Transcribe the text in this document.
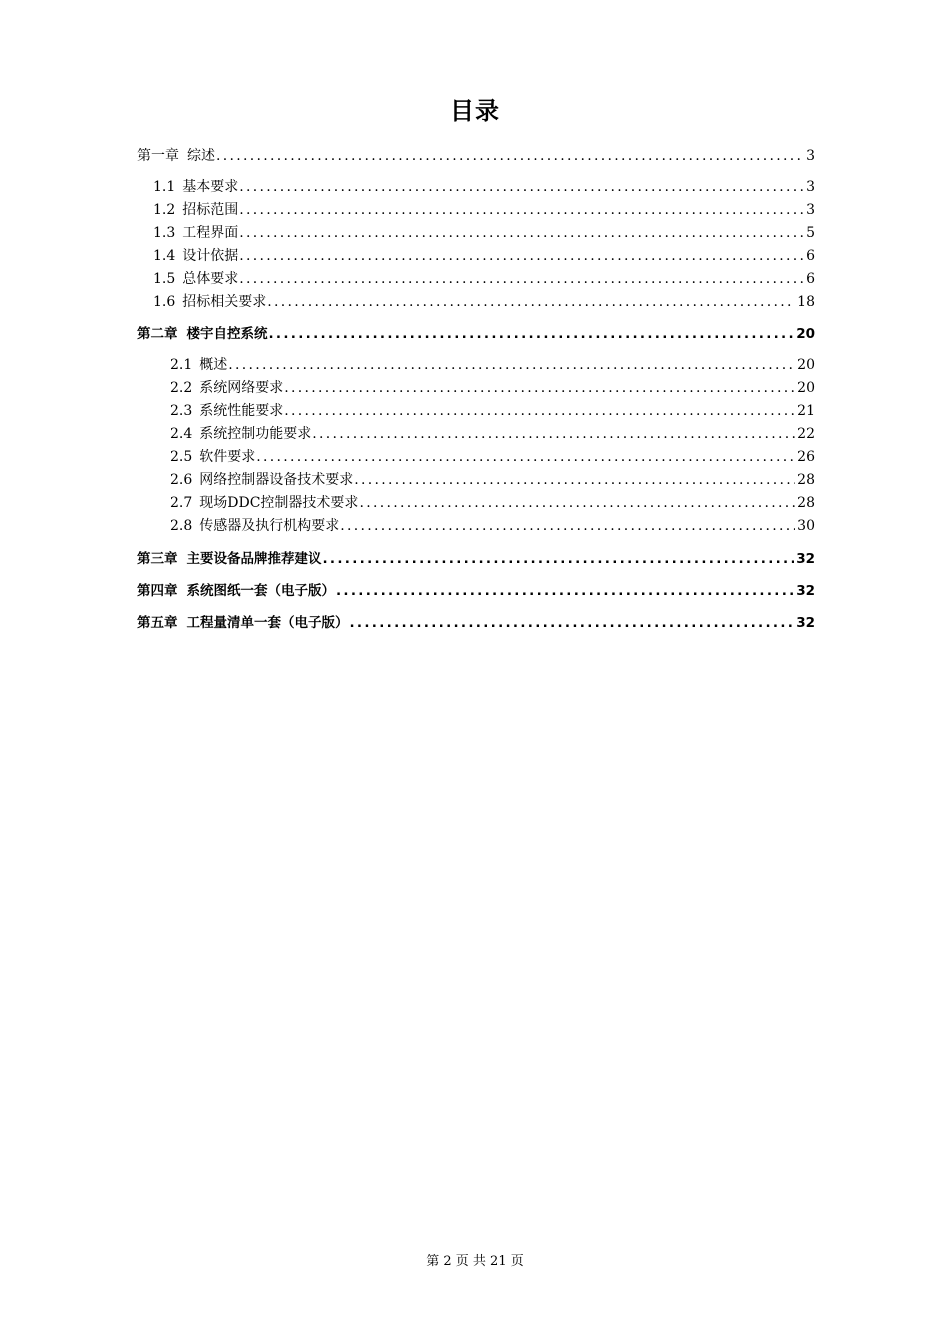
目录
第一章 综述 .....	3
1.1 基本要求 .....	3
1.2 招标范围 .....	3
1.3 工程界面 .....	5
1.4 设计依据 .....	6
1.5 总体要求 .....	6
1.6 招标相关要求 .....	18
第二章 楼宇自控系统 .....	20
2.1 概述 .....	20
2.2 系统网络要求 .....	20
2.3 系统性能要求 .....	21
2.4 系统控制功能要求 .....	22
2.5 软件要求 .....	26
2.6 网络控制器设备技术要求 .....	28
2.7 现场DDC控制器技术要求 .....	28
2.8 传感器及执行机构要求 .....	30
第三章 主要设备品牌推荐建议 .....	32
第四章 系统图纸一套（电子版） .....	32
第五章 工程量清单一套（电子版） .....	32
第 2 页 共 21 页
